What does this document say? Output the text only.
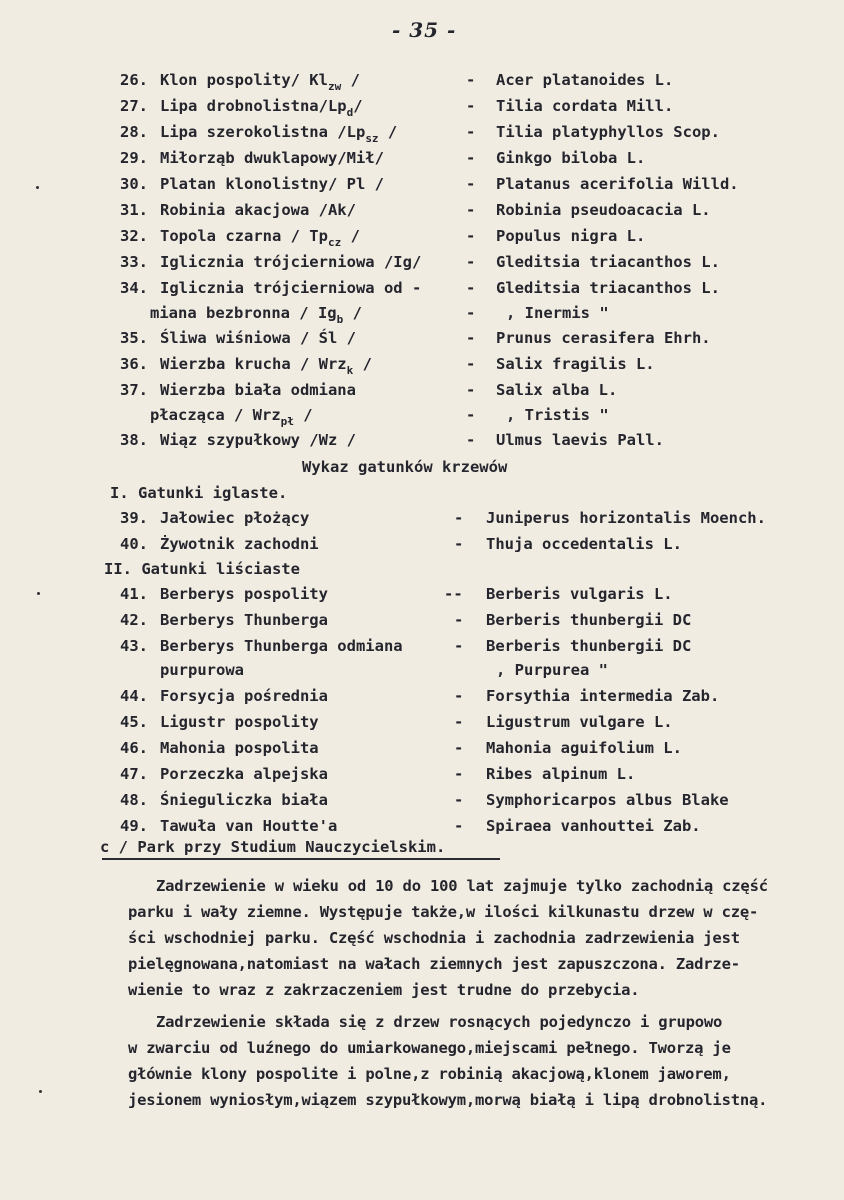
- 35 -
26. Klon pospolity/ $Kl_{zw}$ /	- Acer platanoides L.
27. Lipa drobnolistna/$Lp_d/$	- Tilia cordata Mill.
28. Lipa szerokolistna $/Lp_{sz}$ /	- Tilia platyphyllos Scop.
29. Miłorząb dwuklapowy/Mił/	- Ginkgo biloba L.
30. Platan klonolistny/ Pl /	- Platanus acerifolia Willd.
31. Robinia akacjowa /Ak/	- Robinia pseudoacacia L.
32. Topola czarna / $Tp_{cz}$ /	- Populus nigra L.
33. Iglicznia trójcierniowa /Ig/	- Gleditsia triacanthos L.
34. Iglicznia trójcierniowa od -	- Gleditsia triacanthos L.
miana bezbronna / $Ig_b$ /	- , Inermis "
35. Śliwa wiśniowa / Śl /	- Prunus cerasifera Ehrh.
36. Wierzba krucha / Wrz$_k$ /	- Salix fragilis L.
37. Wierzba biała odmiana	- Salix alba L.
płacząca / Wrz$_{pł}$ /	- , Tristis "
38. Wiąz szypułkowy /Wz /	- Ulmus laevis Pall.
Wykaz gatunków krzewów
I. Gatunki iglaste.
39. Jałowiec płożący	- Juniperus horizontalis Moench.
40. Żywotnik zachodni	- Thuja occedentalis L.
II. Gatunki liściaste
41. Berberys pospolity	-- Berberis vulgaris L.
42. Berberys Thunberga	- Berberis thunbergii DC
43. Berberys Thunberga odmiana	- Berberis thunbergii DC
purpurowa	, Purpurea "
44. Forsycja pośrednia	- Forsythia intermedia Zab.
45. Ligustr pospolity	- Ligustrum vulgare L.
46. Mahonia pospolita	- Mahonia aguifolium L.
47. Porzeczka alpejska	- Ribes alpinum L.
48. Śnieguliczka biała	- Symphoricarpos albus Blake
49. Tawuła van Houtte'a	- Spiraea vanhouttei Zab.
c / Park przy Studium Nauczycielskim.
Zadrzewienie w wieku od 10 do 100 lat zajmuje tylko zachodnią część
parku i wały ziemne. Występuje także,w ilości kilkunastu drzew w czę-
ści wschodniej parku. Część wschodnia i zachodnia zadrzewienia jest
pielęgnowana,natomiast na wałach ziemnych jest zapuszczona. Zadrze-
wienie to wraz z zakrzaczeniem jest trudne do przebycia.
Zadrzewienie składa się z drzew rosnących pojedynczo i grupowo
w zwarciu od luźnego do umiarkowanego,miejscami pełnego. Tworzą je
głównie klony pospolite i polne,z robinią akacjową,klonem jaworem,
jesionem wyniosłym,wiązem szypułkowym,morwą białą i lipą drobnolistną.
